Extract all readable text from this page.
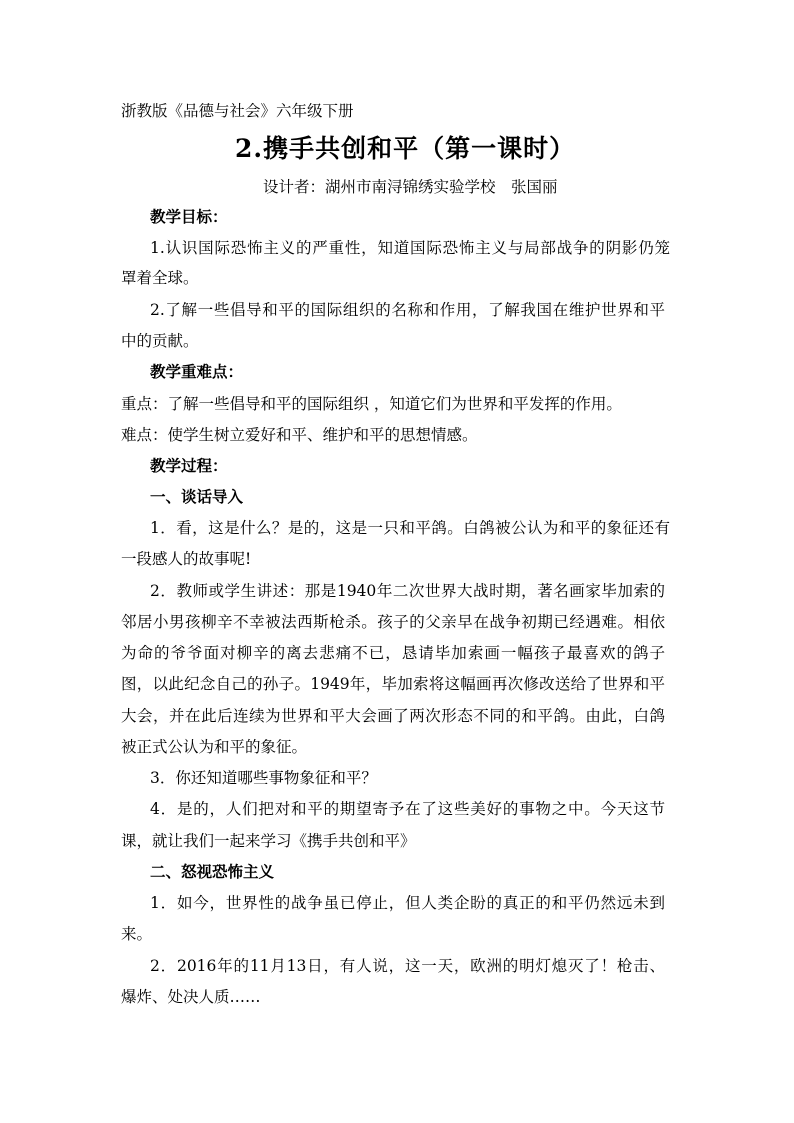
浙教版《品德与社会》六年级下册
2.携手共创和平（第一课时）
设计者：湖州市南浔锦绣实验学校　张国丽
教学目标：
1.认识国际恐怖主义的严重性，知道国际恐怖主义与局部战争的阴影仍笼
罩着全球。
2.了解一些倡导和平的国际组织的名称和作用，了解我国在维护世界和平
中的贡献。
教学重难点：
重点：了解一些倡导和平的国际组织 ，知道它们为世界和平发挥的作用。
难点：使学生树立爱好和平、维护和平的思想情感。
教学过程：
一、谈话导入
1．看，这是什么？是的，这是一只和平鸽。白鸽被公认为和平的象征还有
一段感人的故事呢!
2．教师或学生讲述：那是1940年二次世界大战时期，著名画家毕加索的
邻居小男孩柳辛不幸被法西斯枪杀。孩子的父亲早在战争初期已经遇难。相依
为命的爷爷面对柳辛的离去悲痛不已，恳请毕加索画一幅孩子最喜欢的鸽子
图，以此纪念自己的孙子。1949年，毕加索将这幅画再次修改送给了世界和平
大会，并在此后连续为世界和平大会画了两次形态不同的和平鸽。由此，白鸽
被正式公认为和平的象征。
3．你还知道哪些事物象征和平？
4．是的，人们把对和平的期望寄予在了这些美好的事物之中。今天这节
课，就让我们一起来学习《携手共创和平》
二、怒视恐怖主义
1．如今，世界性的战争虽已停止，但人类企盼的真正的和平仍然远未到
来。
2．2016年的11月13日，有人说，这一天，欧洲的明灯熄灭了！枪击、
爆炸、处决人质……
